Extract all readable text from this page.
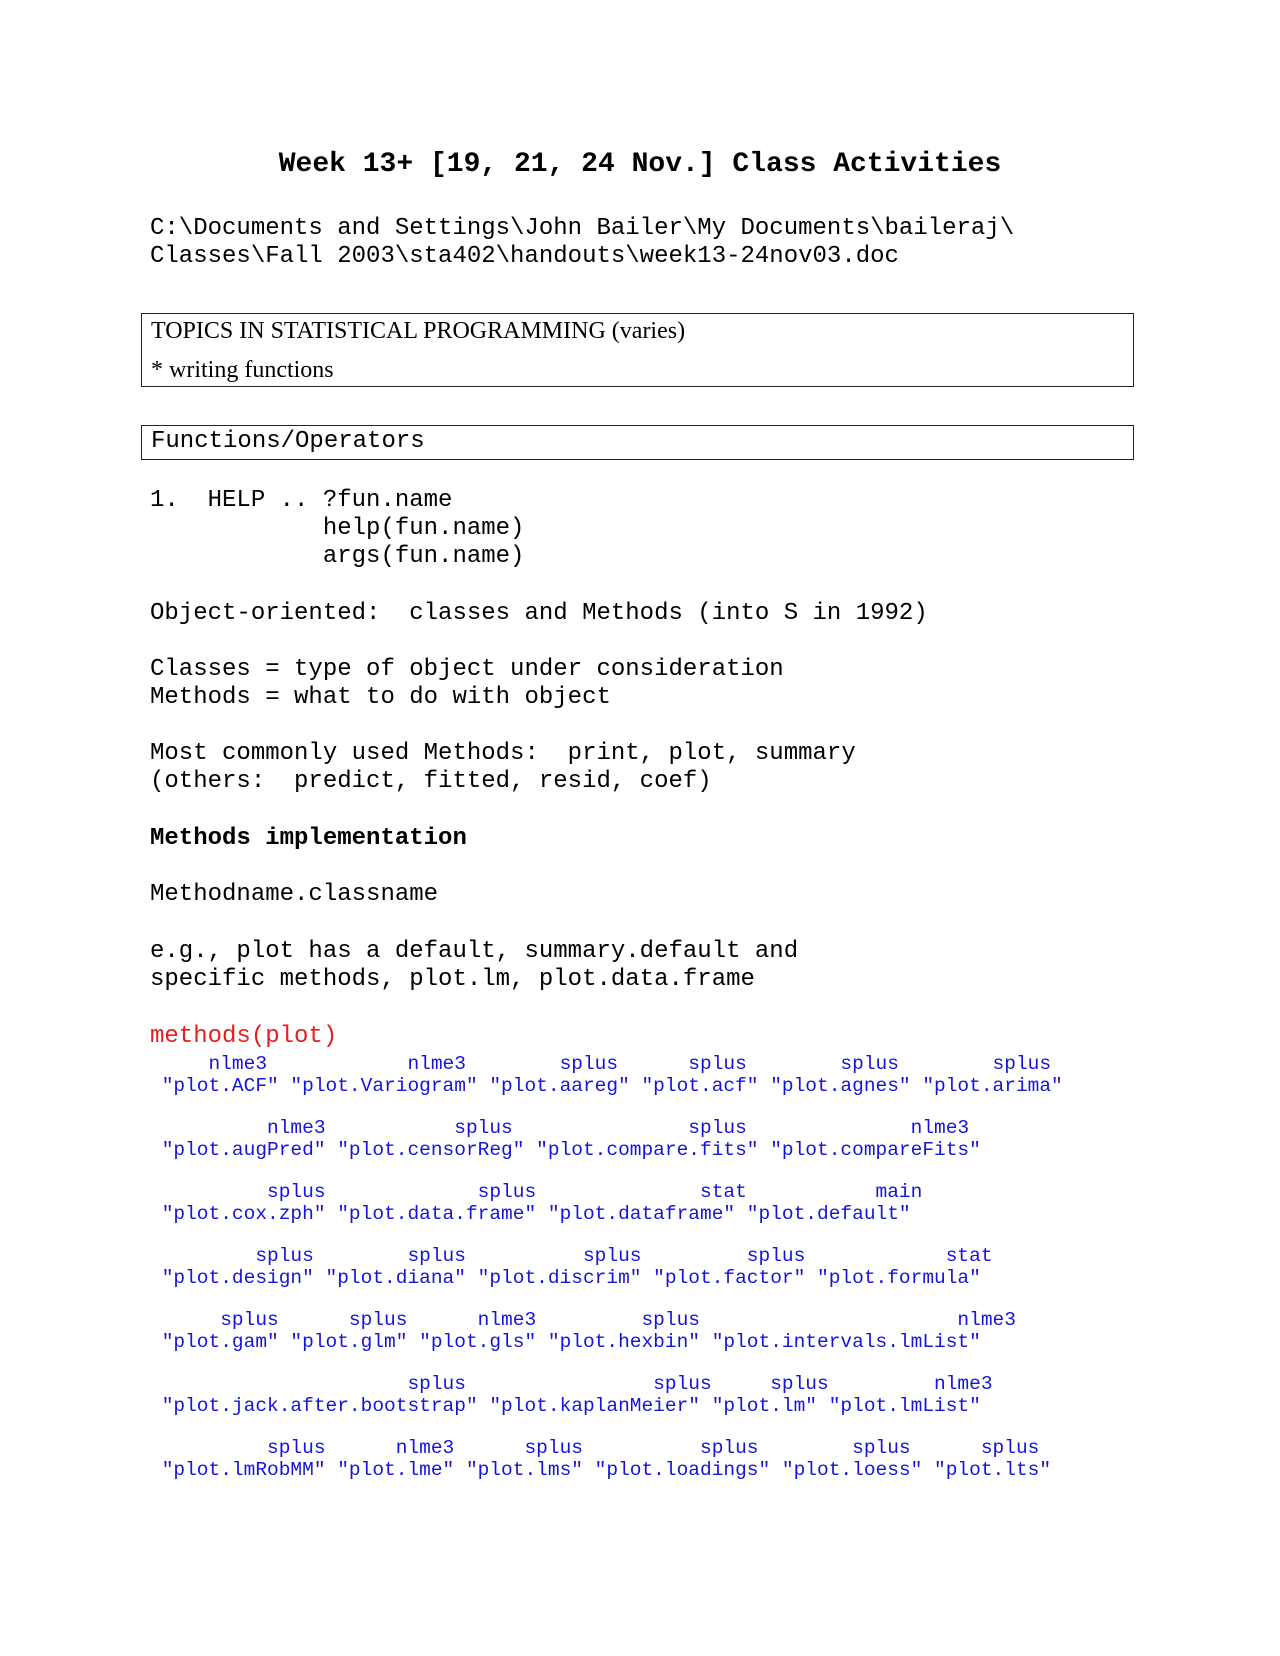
Week 13+ [19, 21, 24 Nov.] Class Activities
C:\Documents and Settings\John Bailer\My Documents\baileraj\
Classes\Fall 2003\sta402\handouts\week13-24nov03.doc
TOPICS IN STATISTICAL PROGRAMMING (varies)
* writing functions
Functions/Operators
1.  HELP .. ?fun.name
help(fun.name)
args(fun.name)
Object-oriented:  classes and Methods (into S in 1992)
Classes = type of object under consideration
Methods = what to do with object
Most commonly used Methods:  print, plot, summary
(others:  predict, fitted, resid, coef)
Methods implementation
Methodname.classname
e.g., plot has a default, summary.default and
specific methods, plot.lm, plot.data.frame
methods(plot)
nlme3            nlme3        splus      splus        splus        splus
"plot.ACF" "plot.Variogram" "plot.aareg" "plot.acf" "plot.agnes" "plot.arima"
nlme3           splus               splus              nlme3
"plot.augPred" "plot.censorReg" "plot.compare.fits" "plot.compareFits"
splus             splus              stat           main
"plot.cox.zph" "plot.data.frame" "plot.dataframe" "plot.default"
splus        splus          splus         splus            stat
"plot.design" "plot.diana" "plot.discrim" "plot.factor" "plot.formula"
splus      splus      nlme3         splus                      nlme3
"plot.gam" "plot.glm" "plot.gls" "plot.hexbin" "plot.intervals.lmList"
splus                splus     splus         nlme3
"plot.jack.after.bootstrap" "plot.kaplanMeier" "plot.lm" "plot.lmList"
splus      nlme3      splus          splus        splus      splus
"plot.lmRobMM" "plot.lme" "plot.lms" "plot.loadings" "plot.loess" "plot.lts"
